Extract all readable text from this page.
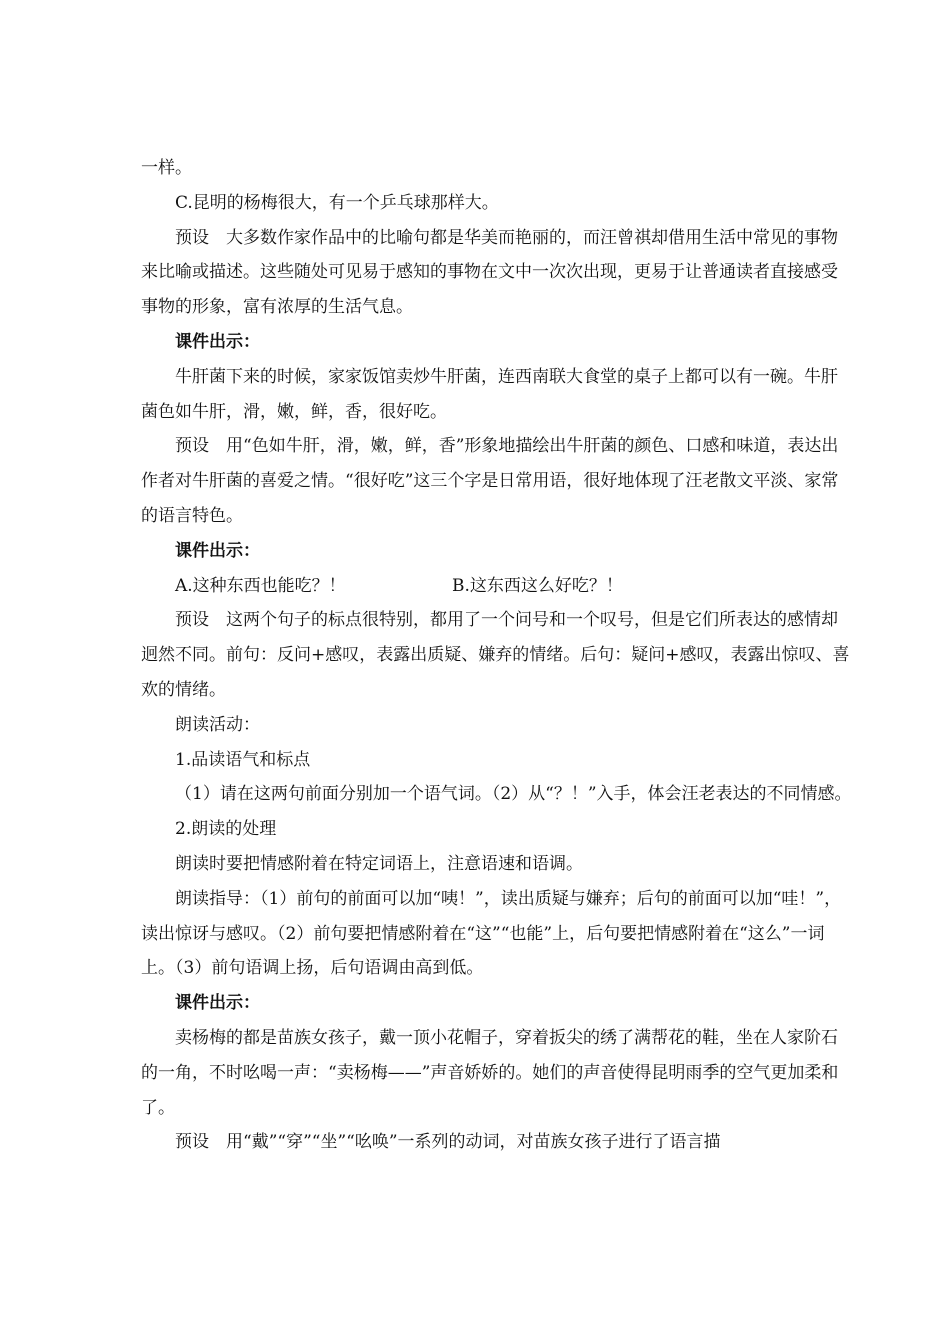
一样。

C.昆明的杨梅很大，有一个乒乓球那样大。

预设　大多数作家作品中的比喻句都是华美而艳丽的，而汪曾祺却借用生活中常见的事物来比喻或描述。这些随处可见易于感知的事物在文中一次次出现，更易于让普通读者直接感受事物的形象，富有浓厚的生活气息。

课件出示：

牛肝菌下来的时候，家家饭馆卖炒牛肝菌，连西南联大食堂的桌子上都可以有一碗。牛肝菌色如牛肝，滑，嫩，鲜，香，很好吃。

预设　用“色如牛肝，滑，嫩，鲜，香”形象地描绘出牛肝菌的颜色、口感和味道，表达出作者对牛肝菌的喜爱之情。“很好吃”这三个字是日常用语，很好地体现了汪老散文平淡、家常的语言特色。

课件出示：

A.这种东西也能吃？！	B.这东西这么好吃？！

预设　这两个句子的标点很特别，都用了一个问号和一个叹号，但是它们所表达的感情却迥然不同。前句：反问+感叹，表露出质疑、嫌弃的情绪。后句：疑问+感叹，表露出惊叹、喜欢的情绪。

朗读活动：

1.品读语气和标点

（1）请在这两句前面分别加一个语气词。（2）从“？！”入手，体会汪老表达的不同情感。

2.朗读的处理

朗读时要把情感附着在特定词语上，注意语速和语调。

朗读指导：（1）前句的前面可以加“咦！”，读出质疑与嫌弃；后句的前面可以加“哇！”，读出惊讶与感叹。（2）前句要把情感附着在“这”“也能”上，后句要把情感附着在“这么”一词上。（3）前句语调上扬，后句语调由高到低。

课件出示：

卖杨梅的都是苗族女孩子，戴一顶小花帽子，穿着扳尖的绣了满帮花的鞋，坐在人家阶石的一角，不时吆喝一声：“卖杨梅——”声音娇娇的。她们的声音使得昆明雨季的空气更加柔和了。

预设　用“戴”“穿”“坐”“吆唤”一系列的动词，对苗族女孩子进行了语言描
